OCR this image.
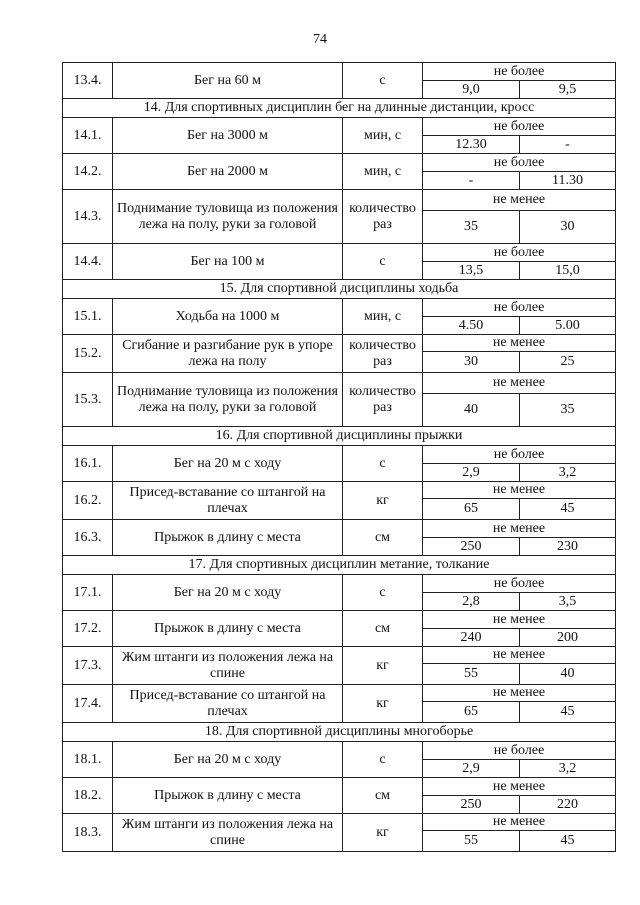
74
13.4.	Бег на 60 м	с	не более	
			9,0	9,5
14. Для спортивных дисциплин бег на длинные дистанции, кросс				
14.1.	Бег на 3000 м	мин, с	не более	
			12.30	-
14.2.	Бег на 2000 м	мин, с	не более	
			-	11.30
14.3.	Поднимание туловища из положения лежа на полу, руки за головой	количество раз	не менее	
			35	30
14.4.	Бег на 100 м	с	не более	
			13,5	15,0
15. Для спортивной дисциплины ходьба				
15.1.	Ходьба на 1000 м	мин, с	не более	
			4.50	5.00
15.2.	Сгибание и разгибание рук в упоре лежа на полу	количество раз	не менее	
			30	25
15.3.	Поднимание туловища из положения лежа на полу, руки за головой	количество раз	не менее	
			40	35
16. Для спортивной дисциплины прыжки				
16.1.	Бег на 20 м с ходу	с	не более	
			2,9	3,2
16.2.	Присед-вставание со штангой на плечах	кг	не менее	
			65	45
16.3.	Прыжок в длину с места	см	не менее	
			250	230
17. Для спортивных дисциплин метание, толкание				
17.1.	Бег на 20 м с ходу	с	не более	
			2,8	3,5
17.2.	Прыжок в длину с места	см	не менее	
			240	200
17.3.	Жим штанги из положения лежа на спине	кг	не менее	
			55	40
17.4.	Присед-вставание со штангой на плечах	кг	не менее	
			65	45
18. Для спортивной дисциплины многоборье				
18.1.	Бег на 20 м с ходу	с	не более	
			2,9	3,2
18.2.	Прыжок в длину с места	см	не менее	
			250	220
18.3.	Жим штанги из положения лежа на спине	кг	не менее	
			55	45
